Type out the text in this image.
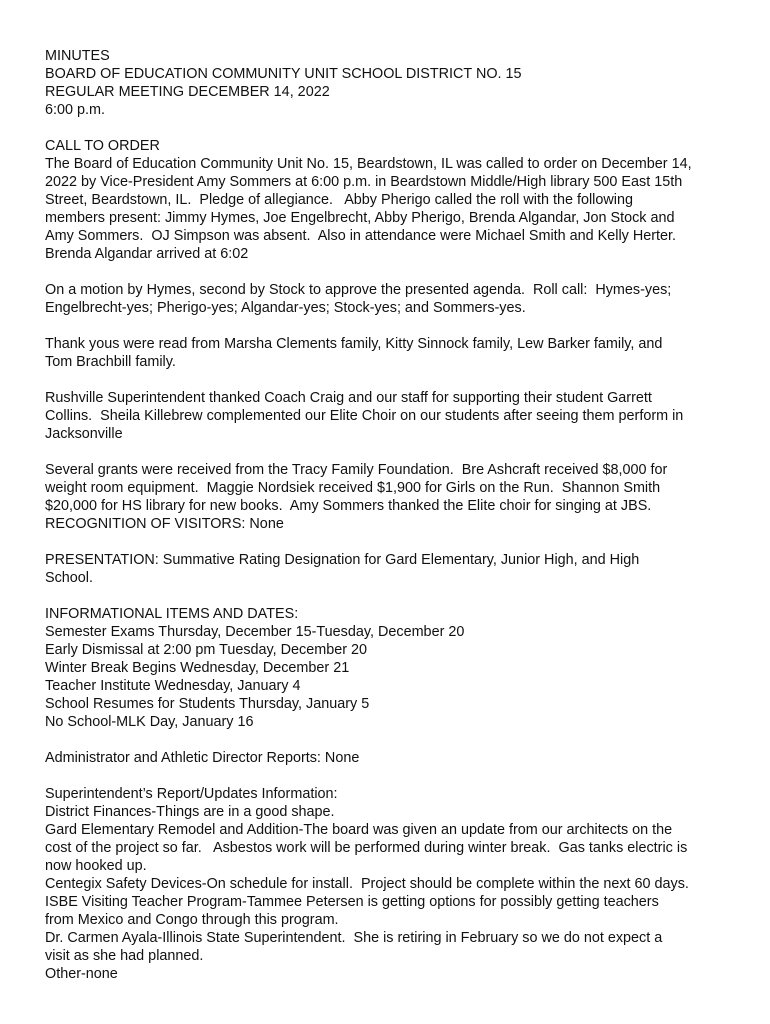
MINUTES
BOARD OF EDUCATION COMMUNITY UNIT SCHOOL DISTRICT NO. 15
REGULAR MEETING DECEMBER 14, 2022
6:00 p.m.
CALL TO ORDER
The Board of Education Community Unit No. 15, Beardstown, IL was called to order on December 14,
2022 by Vice-President Amy Sommers at 6:00 p.m. in Beardstown Middle/High library 500 East 15th
Street, Beardstown, IL.  Pledge of allegiance.   Abby Pherigo called the roll with the following
members present: Jimmy Hymes, Joe Engelbrecht, Abby Pherigo, Brenda Algandar, Jon Stock and
Amy Sommers.  OJ Simpson was absent.  Also in attendance were Michael Smith and Kelly Herter.
Brenda Algandar arrived at 6:02
On a motion by Hymes, second by Stock to approve the presented agenda.  Roll call:  Hymes-yes;
Engelbrecht-yes; Pherigo-yes; Algandar-yes; Stock-yes; and Sommers-yes.
Thank yous were read from Marsha Clements family, Kitty Sinnock family, Lew Barker family, and
Tom Brachbill family.
Rushville Superintendent thanked Coach Craig and our staff for supporting their student Garrett
Collins.  Sheila Killebrew complemented our Elite Choir on our students after seeing them perform in
Jacksonville
Several grants were received from the Tracy Family Foundation.  Bre Ashcraft received $8,000 for
weight room equipment.  Maggie Nordsiek received $1,900 for Girls on the Run.  Shannon Smith
$20,000 for HS library for new books.  Amy Sommers thanked the Elite choir for singing at JBS.
RECOGNITION OF VISITORS: None
PRESENTATION: Summative Rating Designation for Gard Elementary, Junior High, and High
School.
INFORMATIONAL ITEMS AND DATES:
Semester Exams Thursday, December 15-Tuesday, December 20
Early Dismissal at 2:00 pm Tuesday, December 20
Winter Break Begins Wednesday, December 21
Teacher Institute Wednesday, January 4
School Resumes for Students Thursday, January 5
No School-MLK Day, January 16
Administrator and Athletic Director Reports: None
Superintendent’s Report/Updates Information:
District Finances-Things are in a good shape.
Gard Elementary Remodel and Addition-The board was given an update from our architects on the
cost of the project so far.   Asbestos work will be performed during winter break.  Gas tanks electric is
now hooked up.
Centegix Safety Devices-On schedule for install.  Project should be complete within the next 60 days.
ISBE Visiting Teacher Program-Tammee Petersen is getting options for possibly getting teachers
from Mexico and Congo through this program.
Dr. Carmen Ayala-Illinois State Superintendent.  She is retiring in February so we do not expect a
visit as she had planned.
Other-none
